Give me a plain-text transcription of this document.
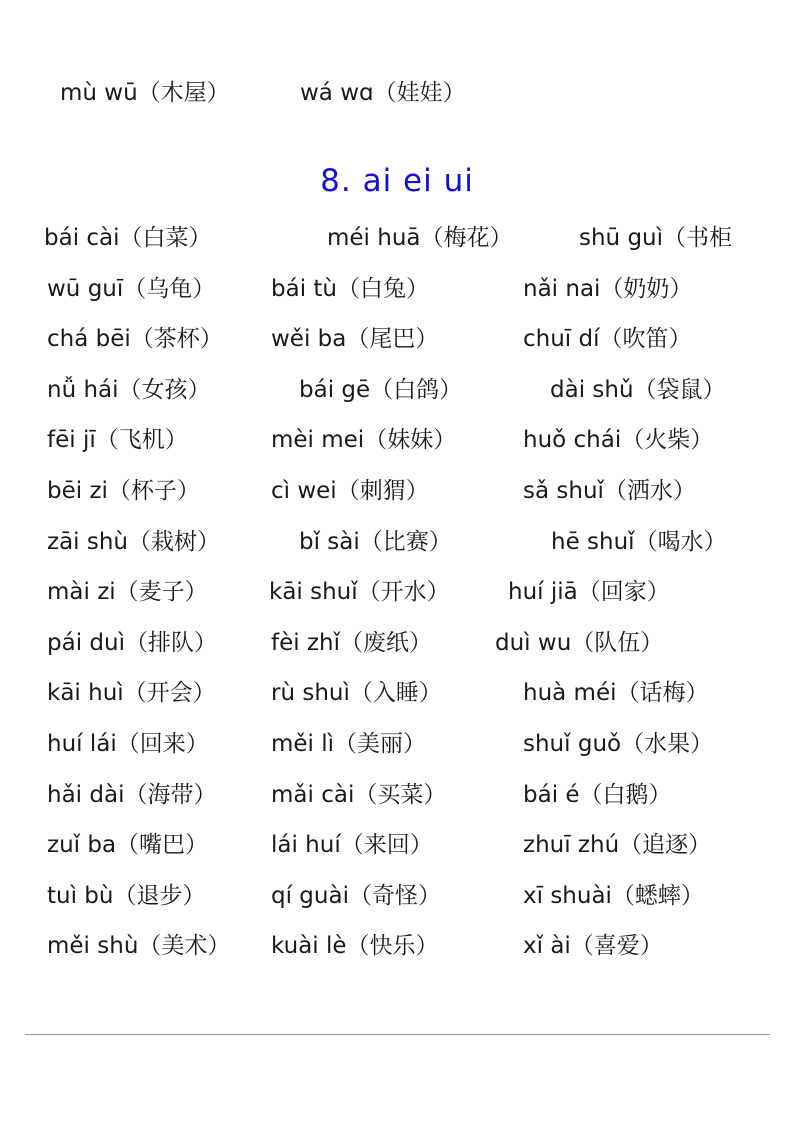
mù wū（木屋）	wá wɑ（娃娃）
8. ai ei ui
bái cài（白菜）	méi huā（梅花）	shū guì（书柜
wū guī（乌龟） bái tù（白兔）	nǎi nai（奶奶）
chá bēi（茶杯） wěi ba（尾巴）	chuī dí（吹笛）
nǚ hái（女孩）	bái gē（白鸽）	dài shǔ（袋鼠）
fēi jī（飞机）	mèi mei（妹妹）	huǒ chái（火柴）
bēi zi（杯子）	cì wei（刺猬）	sǎ shuǐ（洒水）
zāi shù（栽树）	bǐ sài（比赛）	hē shuǐ（喝水）
mài zi（麦子）	kāi shuǐ（开水）	huí jiā（回家）
pái duì（排队） fèi zhǐ（废纸）	duì wu（队伍）
kāi huì（开会） rù shuì（入睡）	huà méi（话梅）
huí lái（回来）	měi lì（美丽）	shuǐ guǒ（水果）
hǎi dài（海带） mǎi cài（买菜）	bái é（白鹅）
zuǐ ba（嘴巴）	lái huí（来回）	zhuī zhú（追逐）
tuì bù（退步）	qí guài（奇怪）	xī shuài（蟋蟀）
měi shù（美术） kuài lè（快乐）	xǐ ài（喜爱）
